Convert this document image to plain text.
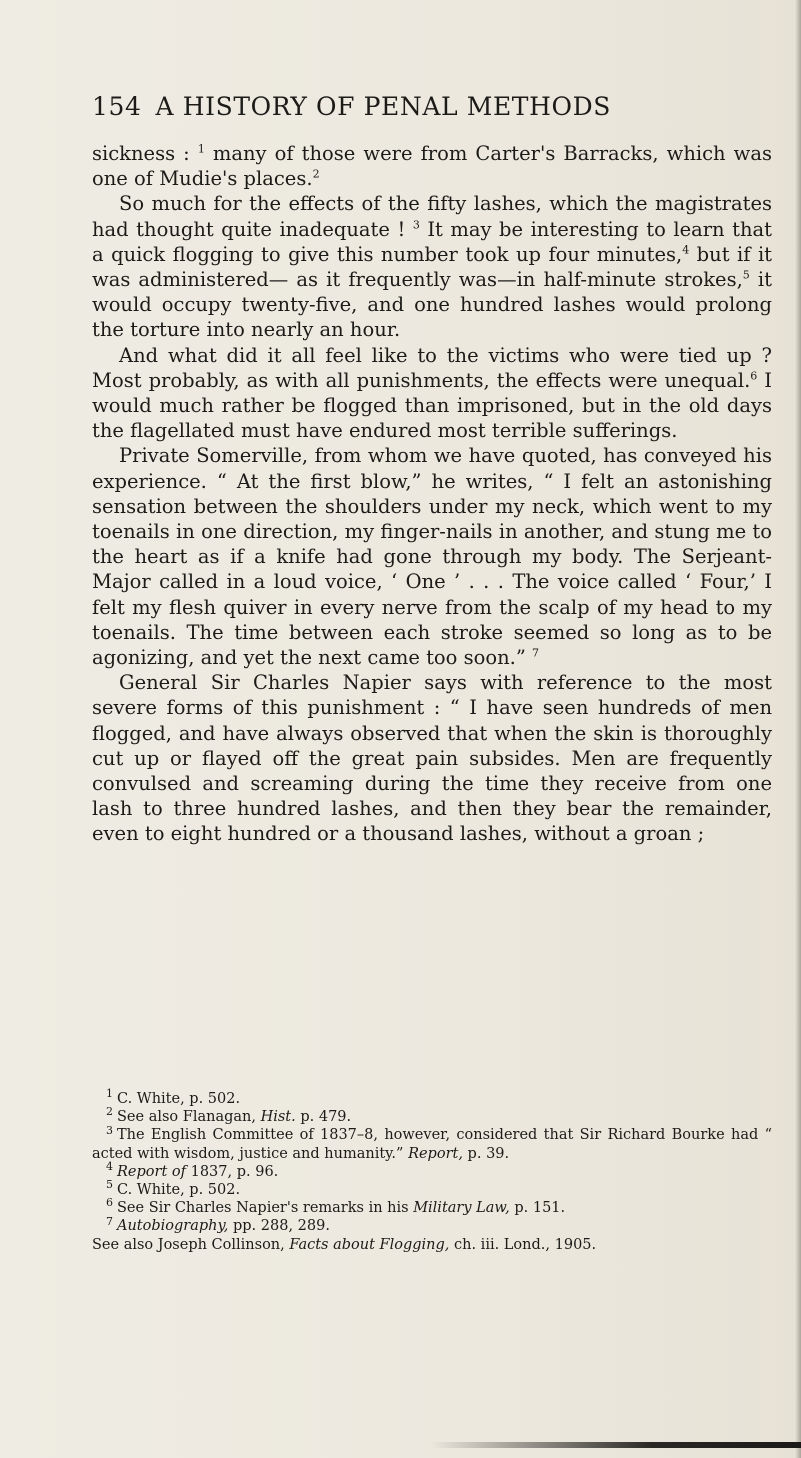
154 A HISTORY OF PENAL METHODS

sickness : $^1$ many of those were from Carter's Barracks, which was one of Mudie's places.$^2$

So much for the effects of the fifty lashes, which the magistrates had thought quite inadequate ! $^3$ It may be interesting to learn that a quick flogging to give this number took up four minutes,$^4$ but if it was administered— as it frequently was—in half-minute strokes,$^5$ it would occupy twenty-five, and one hundred lashes would prolong the torture into nearly an hour.

And what did it all feel like to the victims who were tied up ? Most probably, as with all punishments, the effects were unequal.$^6$ I would much rather be flogged than imprisoned, but in the old days the flagellated must have endured most terrible sufferings.

Private Somerville, from whom we have quoted, has conveyed his experience. “ At the first blow,” he writes, “ I felt an astonishing sensation between the shoulders under my neck, which went to my toenails in one direction, my finger-nails in another, and stung me to the heart as if a knife had gone through my body. The Serjeant-Major called in a loud voice, ‘ One ’ . . . The voice called ‘ Four,’ I felt my flesh quiver in every nerve from the scalp of my head to my toenails. The time between each stroke seemed so long as to be agonizing, and yet the next came too soon.” $^7$

General Sir Charles Napier says with reference to the most severe forms of this punishment : “ I have seen hundreds of men flogged, and have always observed that when the skin is thoroughly cut up or flayed off the great pain subsides. Men are frequently convulsed and screaming during the time they receive from one lash to three hundred lashes, and then they bear the remainder, even to eight hundred or a thousand lashes, without a groan ;

$^1$ C. White, p. 502.

$^2$ See also Flanagan, Hist. p. 479.

$^3$ The English Committee of 1837–8, however, considered that Sir Richard Bourke had “ acted with wisdom, justice and humanity.” Report, p. 39.

$^4$ Report of 1837, p. 96.

$^5$ C. White, p. 502.

$^6$ See Sir Charles Napier's remarks in his Military Law, p. 151.

$^7$ Autobiography, pp. 288, 289.

See also Joseph Collinson, Facts about Flogging, ch. iii. Lond., 1905.
